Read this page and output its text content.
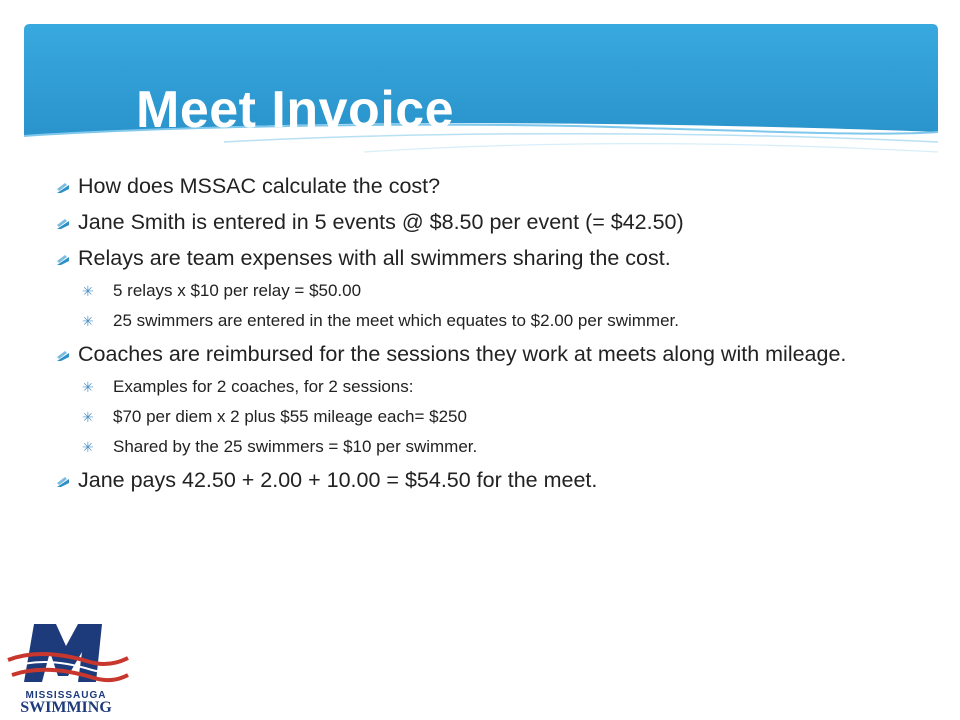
Meet Invoice
How does MSSAC calculate the cost?
Jane Smith is entered in 5 events @ $8.50 per event (= $42.50)
Relays are team expenses with all swimmers sharing the cost.
✳ 5 relays x $10 per relay = $50.00
✳ 25 swimmers are entered in the meet which equates to $2.00 per swimmer.
Coaches are reimbursed for the sessions they work at meets along with mileage.
✳ Examples for 2 coaches, for 2 sessions:
✳ $70 per diem x 2 plus $55 mileage each= $250
✳ Shared by the 25 swimmers = $10 per swimmer.
Jane pays 42.50 + 2.00 + 10.00 = $54.50 for the meet.
MISSISSAUGA
SWIMMING
